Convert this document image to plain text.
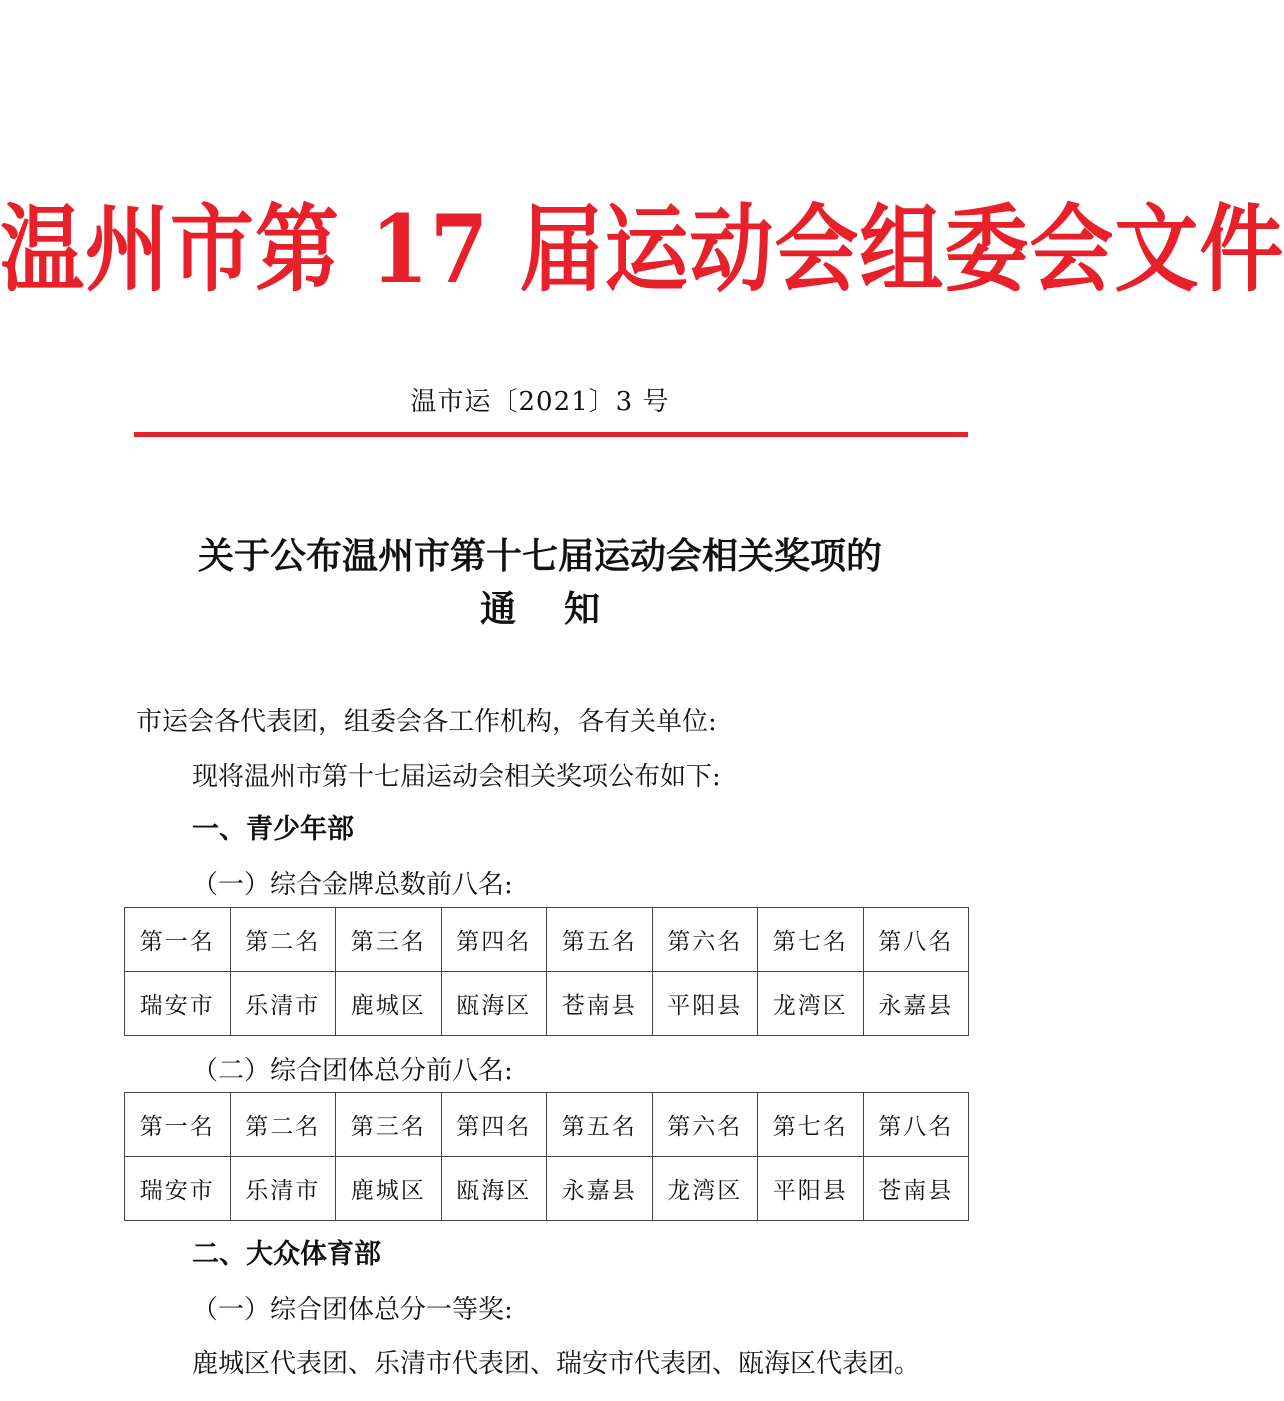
温州市第 17 届运动会组委会文件
温市运〔2021〕3 号
关于公布温州市第十七届运动会相关奖项的
通知
市运会各代表团，组委会各工作机构，各有关单位:
现将温州市第十七届运动会相关奖项公布如下:
一、青少年部
（一）综合金牌总数前八名:
第一名	第二名	第三名	第四名	第五名	第六名	第七名	第八名
瑞安市	乐清市	鹿城区	瓯海区	苍南县	平阳县	龙湾区	永嘉县
（二）综合团体总分前八名:
第一名	第二名	第三名	第四名	第五名	第六名	第七名	第八名
瑞安市	乐清市	鹿城区	瓯海区	永嘉县	龙湾区	平阳县	苍南县
二、大众体育部
（一）综合团体总分一等奖:
鹿城区代表团、乐清市代表团、瑞安市代表团、瓯海区代表团。
